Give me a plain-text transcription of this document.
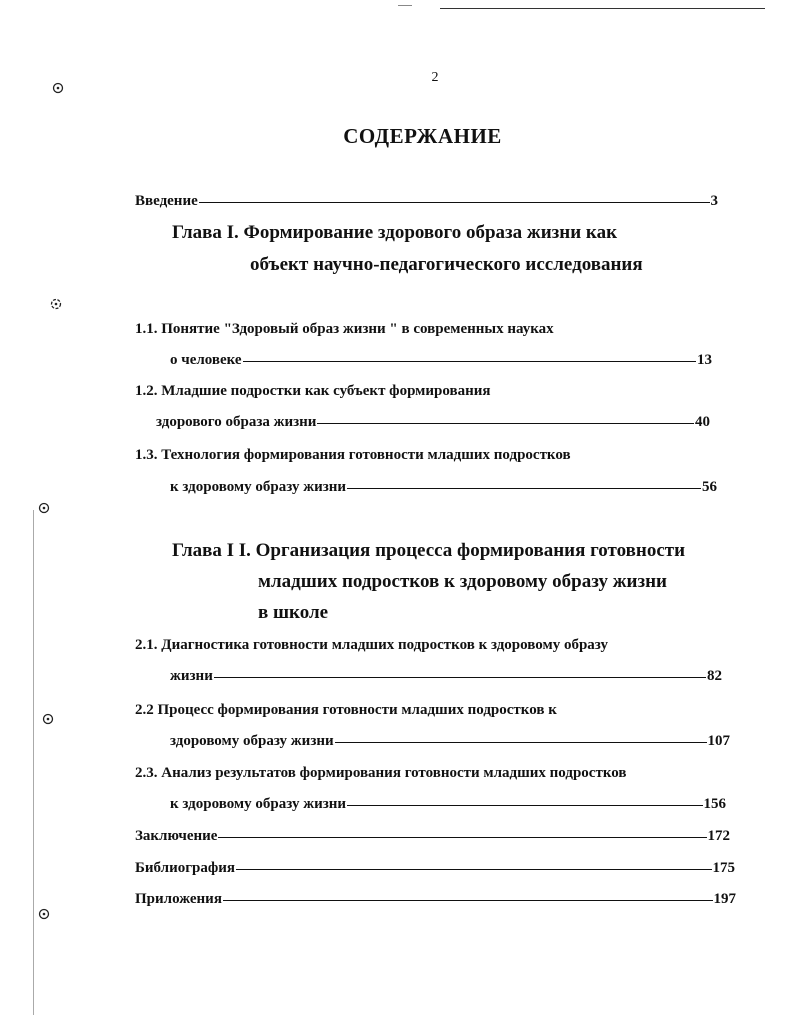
2
СОДЕРЖАНИЕ
Введение	3
Глава I. Формирование здорового образа жизни как
объект научно-педагогического исследования
1.1. Понятие "Здоровый образ жизни " в современных науках
о человеке	13
1.2. Младшие подростки как субъект формирования
здорового образа жизни	40
1.3. Технология формирования готовности младших подростков
к здоровому образу жизни	56
Глава I I. Организация процесса формирования готовности
младших подростков к здоровому образу жизни
в школе
2.1. Диагностика готовности младших подростков к здоровому образу
жизни	82
2.2 Процесс формирования готовности младших подростков к
здоровому образу жизни	107
2.3. Анализ результатов формирования готовности младших подростков
к здоровому образу жизни	156
Заключение	172
Библиография	175
Приложения	197
